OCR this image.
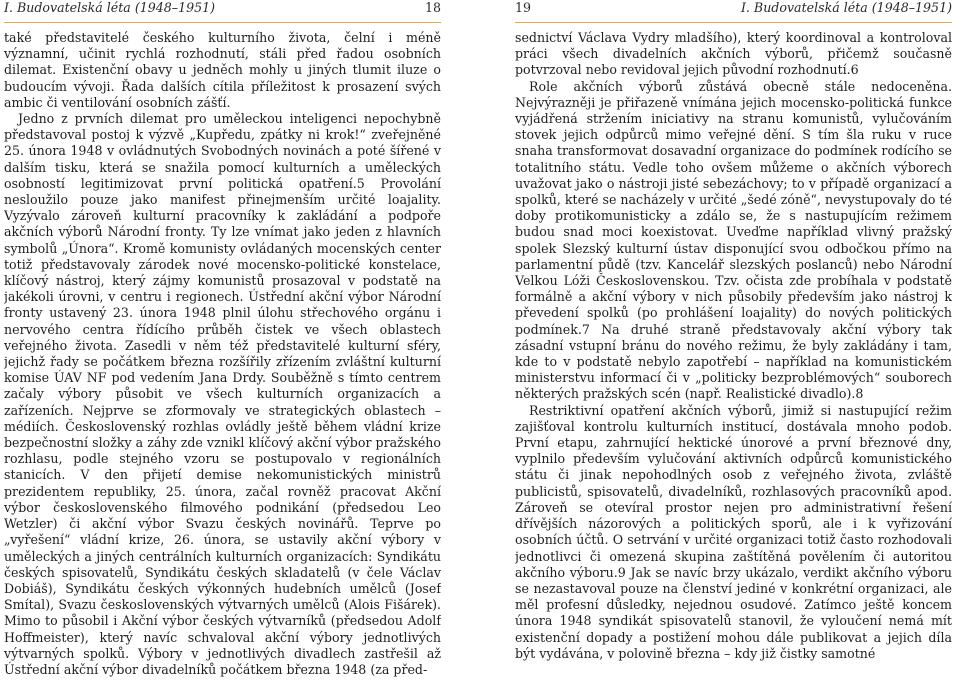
I. Budovatelská léta (1948–1951)	18

také představitelé českého kulturního života, čelní i méně významní, učinit rychlá rozhodnutí, stáli před řadou osobních dilemat. Existenční obavy u jedněch mohly u jiných tlumit iluze o budoucím vývoji. Řada dalších cítila příležitost k prosazení svých ambic či ventilování osobních zášťí.

Jedno z prvních dilemat pro uměleckou inteligenci nepochybně představoval postoj k výzvě „Kupředu, zpátky ni krok!“ zveřejněné 25. února 1948 v ovládnutých Svobodných novinách a poté šířené v dalším tisku, která se snažila pomocí kulturních a uměleckých osobností legitimizovat první politická opatření.5 Provolání nesloužilo pouze jako manifest přinejmenším určité loajality. Vyzývalo zároveň kulturní pracovníky k zakládání a podpoře akčních výborů Národní fronty. Ty lze vnímat jako jeden z hlavních symbolů „Února“. Kromě komunisty ovládaných mocenských center totiž představovaly zárodek nové mocensko-politické konstelace, klíčový nástroj, který zájmy komunistů prosazoval v podstatě na jakékoli úrovni, v centru i regionech. Ústřední akční výbor Národní fronty ustavený 23. února 1948 plnil úlohu střechového orgánu i nervového centra řídícího průběh čistek ve všech oblastech veřejného života. Zasedli v něm též představitelé kulturní sféry, jejichž řady se počátkem března rozšířily zřízením zvláštní kulturní komise ÚAV NF pod vedením Jana Drdy. Souběžně s tímto centrem začaly výbory působit ve všech kulturních organizacích a zařízeních. Nejprve se zformovaly ve strategických oblastech – médiích. Československý rozhlas ovládly ještě během vládní krize bezpečnostní složky a záhy zde vznikl klíčový akční výbor pražského rozhlasu, podle stejného vzoru se postupovalo v regionálních stanicích. V den přijetí demise nekomunistických ministrů prezidentem republiky, 25. února, začal rovněž pracovat Akční výbor československého filmového podnikání (předsedou Leo Wetzler) či akční výbor Svazu českých novinářů. Teprve po „vyřešení“ vládní krize, 26. února, se ustavily akční výbory v uměleckých a jiných centrálních kulturních organizacích: Syndikátu českých spisovatelů, Syndikátu českých skladatelů (v čele Václav Dobiáš), Syndikátu českých výkonných hudebních umělců (Josef Smítal), Svazu československých výtvarných umělců (Alois Fišárek). Mimo to působil i Akční výbor českých výtvarníků (předsedou Adolf Hoffmeister), který navíc schvaloval akční výbory jednotlivých výtvarných spolků. Výbory v jednotlivých divadlech zastřešil až Ústřední akční výbor divadelníků počátkem března 1948 (za před-

19	I. Budovatelská léta (1948–1951)

sednictví Václava Vydry mladšího), který koordinoval a kontroloval práci všech divadelních akčních výborů, přičemž současně potvrzoval nebo revidoval jejich původní rozhodnutí.6

Role akčních výborů zůstává obecně stále nedoceněna. Nejvýrazněji je přiřazeně vnímána jejich mocensko-politická funkce vyjádřená stržením iniciativy na stranu komunistů, vylučováním stovek jejich odpůrců mimo veřejné dění. S tím šla ruku v ruce snaha transformovat dosavadní organizace do podmínek rodícího se totalitního státu. Vedle toho ovšem můžeme o akčních výborech uvažovat jako o nástroji jisté sebezáchovy; to v případě organizací a spolků, které se nacházely v určité „šedé zóně“, nevystupovaly do té doby protikomunisticky a zdálo se, že s nastupujícím režimem budou snad moci koexistovat. Uveďme například vlivný pražský spolek Slezský kulturní ústav disponující svou odbočkou přímo na parlamentní půdě (tzv. Kancelář slezských poslanců) nebo Národní Velkou Lóži Československou. Tzv. očista zde probíhala v podstatě formálně a akční výbory v nich působily především jako nástroj k převedení spolků (po prohlášení loajality) do nových politických podmínek.7 Na druhé straně představovaly akční výbory tak zásadní vstupní bránu do nového režimu, že byly zakládány i tam, kde to v podstatě nebylo zapotřebí – například na komunistickém ministerstvu informací či v „politicky bezproblémových“ souborech některých pražských scén (např. Realistické divadlo).8

Restriktivní opatření akčních výborů, jimiž si nastupující režim zajišťoval kontrolu kulturních institucí, dostávala mnoho podob. První etapu, zahrnující hektické únorové a první březnové dny, vyplnilo především vylučování aktivních odpůrců komunistického státu či jinak nepohodlných osob z veřejného života, zvláště publicistů, spisovatelů, divadelníků, rozhlasových pracovníků apod. Zároveň se otevíral prostor nejen pro administrativní řešení dřívějších názorových a politických sporů, ale i k vyřizování osobních účtů. O setrvání v určité organizaci totiž často rozhodovali jednotlivci či omezená skupina zaštítěná povělením či autoritou akčního výboru.9 Jak se navíc brzy ukázalo, verdikt akčního výboru se nezastavoval pouze na členství jediné v konkrétní organizaci, ale měl profesní důsledky, nejednou osudové. Zatímco ještě koncem února 1948 syndikát spisovatelů stanovil, že vyloučení nemá mít existenční dopady a postižení mohou dále publikovat a jejich díla být vydávána, v polovině března – kdy již čistky samotné
